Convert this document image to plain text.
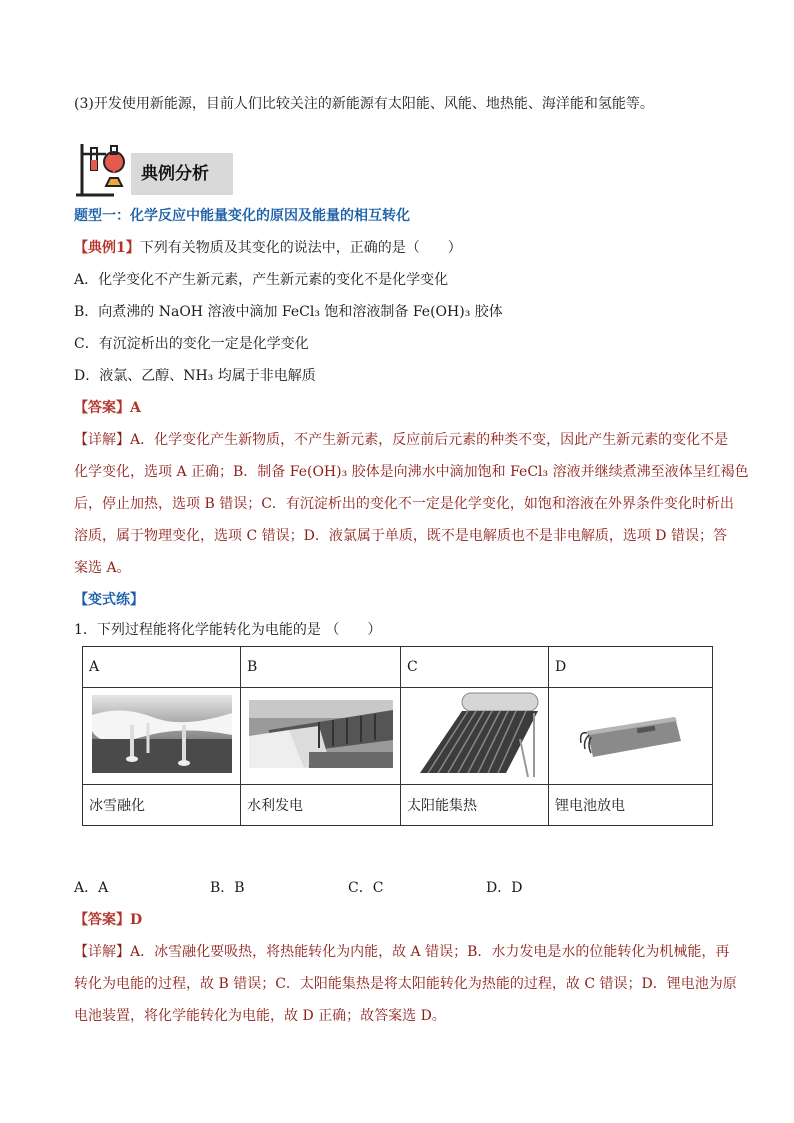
(3)开发使用新能源，目前人们比较关注的新能源有太阳能、风能、地热能、海洋能和氢能等。
典例分析
题型一：化学反应中能量变化的原因及能量的相互转化
【典例1】下列有关物质及其变化的说法中，正确的是（　　）
A．化学变化不产生新元素，产生新元素的变化不是化学变化
B．向煮沸的 NaOH 溶液中滴加 FeCl₃ 饱和溶液制备 Fe(OH)₃ 胶体
C．有沉淀析出的变化一定是化学变化
D．液氯、乙醇、NH₃ 均属于非电解质
【答案】A
【详解】A．化学变化产生新物质，不产生新元素，反应前后元素的种类不变，因此产生新元素的变化不是
化学变化，选项 A 正确；B．制备 Fe(OH)₃ 胶体是向沸水中滴加饱和 FeCl₃ 溶液并继续煮沸至液体呈红褐色
后，停止加热，选项 B 错误；C．有沉淀析出的变化不一定是化学变化，如饱和溶液在外界条件变化时析出
溶质，属于物理变化，选项 C 错误；D．液氯属于单质，既不是电解质也不是非电解质，选项 D 错误；答
案选 A。
【变式练】
1．下列过程能将化学能转化为电能的是 （　　）
A	B	C	D

冰雪融化	水利发电	太阳能集热	锂电池放电
A．A	B．B	C．C	D．D
【答案】D
【详解】A．冰雪融化要吸热，将热能转化为内能，故 A 错误；B．水力发电是水的位能转化为机械能，再
转化为电能的过程，故 B 错误；C．太阳能集热是将太阳能转化为热能的过程，故 C 错误；D．锂电池为原
电池装置，将化学能转化为电能，故 D 正确；故答案选 D。
